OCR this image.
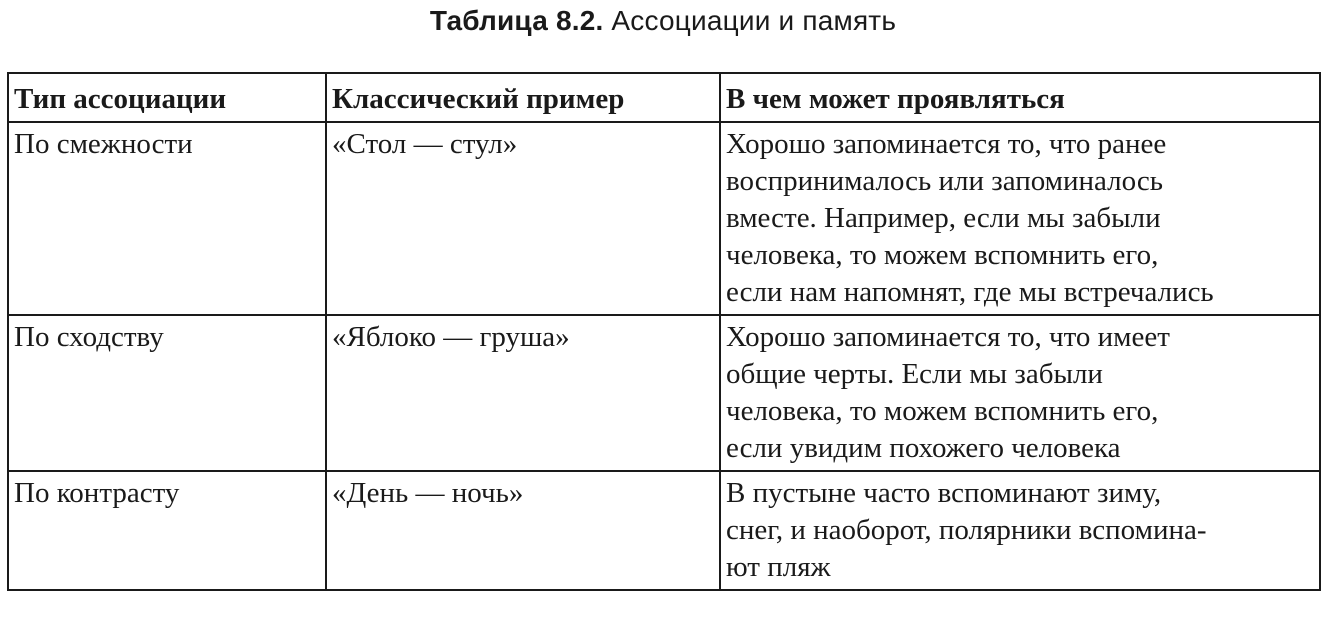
Таблица 8.2. Ассоциации и память
Тип ассоциации	Классический пример	В чем может проявляться
По смежности	«Стол — стул»	Хорошо запоминается то, что ранее
воспринималось или запоминалось
вместе. Например, если мы забыли
человека, то можем вспомнить его,
если нам напомнят, где мы встречались

По сходству	«Яблоко — груша»	Хорошо запоминается то, что имеет
общие черты. Если мы забыли
человека, то можем вспомнить его,
если увидим похожего человека

По контрасту	«День — ночь»	В пустыне часто вспоминают зиму,
снег, и наоборот, полярники вспомина-
ют пляж
